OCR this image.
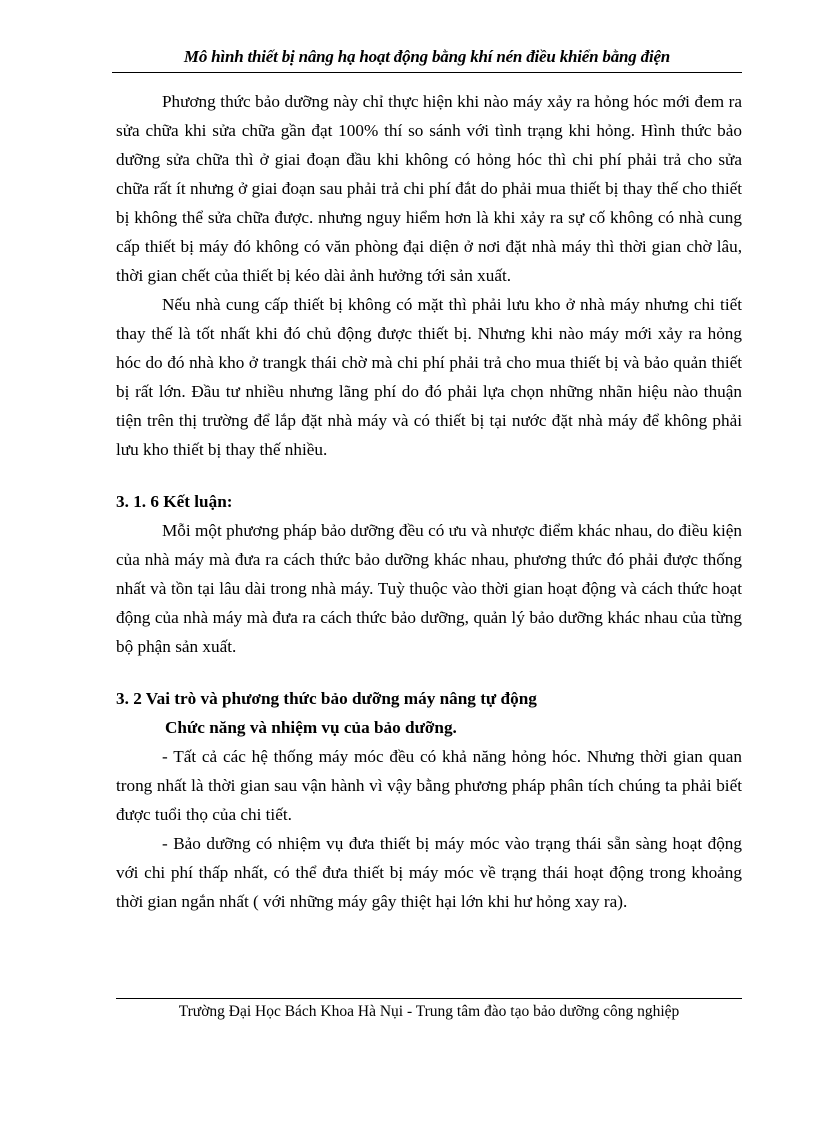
Mô hình thiết bị nâng hạ hoạt động bằng khí nén điều khiển bằng điện

Phương thức bảo dưỡng này chỉ thực hiện khi nào máy xảy ra hỏng hóc mới đem ra sửa chữa khi sửa chữa gần đạt 100% thí so sánh với tình trạng khi hỏng. Hình thức bảo dưỡng sửa chữa thì ở giai đoạn đầu khi không có hỏng hóc thì chi phí phải trả cho sửa chữa rất ít nhưng ở giai đoạn sau phải trả chi phí đắt do phải mua thiết bị thay thế cho thiết bị không thể sửa chữa được. nhưng nguy hiểm hơn là khi xảy ra sự cố không có nhà cung cấp thiết bị máy đó không có văn phòng đại diện ở nơi đặt nhà máy thì thời gian chờ lâu, thời gian chết của thiết bị kéo dài ảnh hưởng tới sản xuất.

Nếu nhà cung cấp thiết bị không có mặt thì phải lưu kho ở nhà máy nhưng chi tiết thay thế là tốt nhất khi đó chủ động được thiết bị. Nhưng khi nào máy mới xảy ra hỏng hóc do đó nhà kho ở trangk thái chờ mà chi phí phải trả cho mua thiết bị và bảo quản thiết bị rất lớn. Đầu tư nhiều nhưng lãng phí do đó phải lựa chọn những nhãn hiệu nào thuận tiện trên thị trường để lắp đặt nhà máy và có thiết bị tại nước đặt nhà máy để không phải lưu kho thiết bị thay thế nhiều.

3. 1. 6 Kết luận:

Mỗi một phương pháp bảo dưỡng đều có ưu và nhược điểm khác nhau, do điều kiện của nhà máy mà đưa ra cách thức bảo dưỡng khác nhau, phương thức đó phải được thống nhất và tồn tại lâu dài trong nhà máy. Tuỳ thuộc vào thời gian hoạt động và cách thức hoạt động của nhà máy mà đưa ra cách thức bảo dưỡng, quản lý bảo dưỡng khác nhau của từng bộ phận sản xuất.

3. 2 Vai trò và phương thức bảo dưỡng máy nâng tự động

Chức năng và nhiệm vụ của bảo dưỡng.

- Tất cả các hệ thống máy móc đều có khả năng hỏng hóc. Nhưng thời gian quan trong nhất là thời gian sau vận hành vì vậy bằng phương pháp phân tích chúng ta phải biết được tuổi thọ của chi tiết.

- Bảo dưỡng có nhiệm vụ đưa thiết bị máy móc vào trạng thái sẵn sàng hoạt động với chi phí thấp nhất, có thể đưa thiết bị máy móc về trạng thái hoạt động trong khoảng thời gian ngắn nhất ( với những máy gây thiệt hại lớn khi hư hỏng xay ra).

Trường Đại Học Bách Khoa Hà Nụi - Trung tâm đào tạo bảo dưỡng công nghiệp
